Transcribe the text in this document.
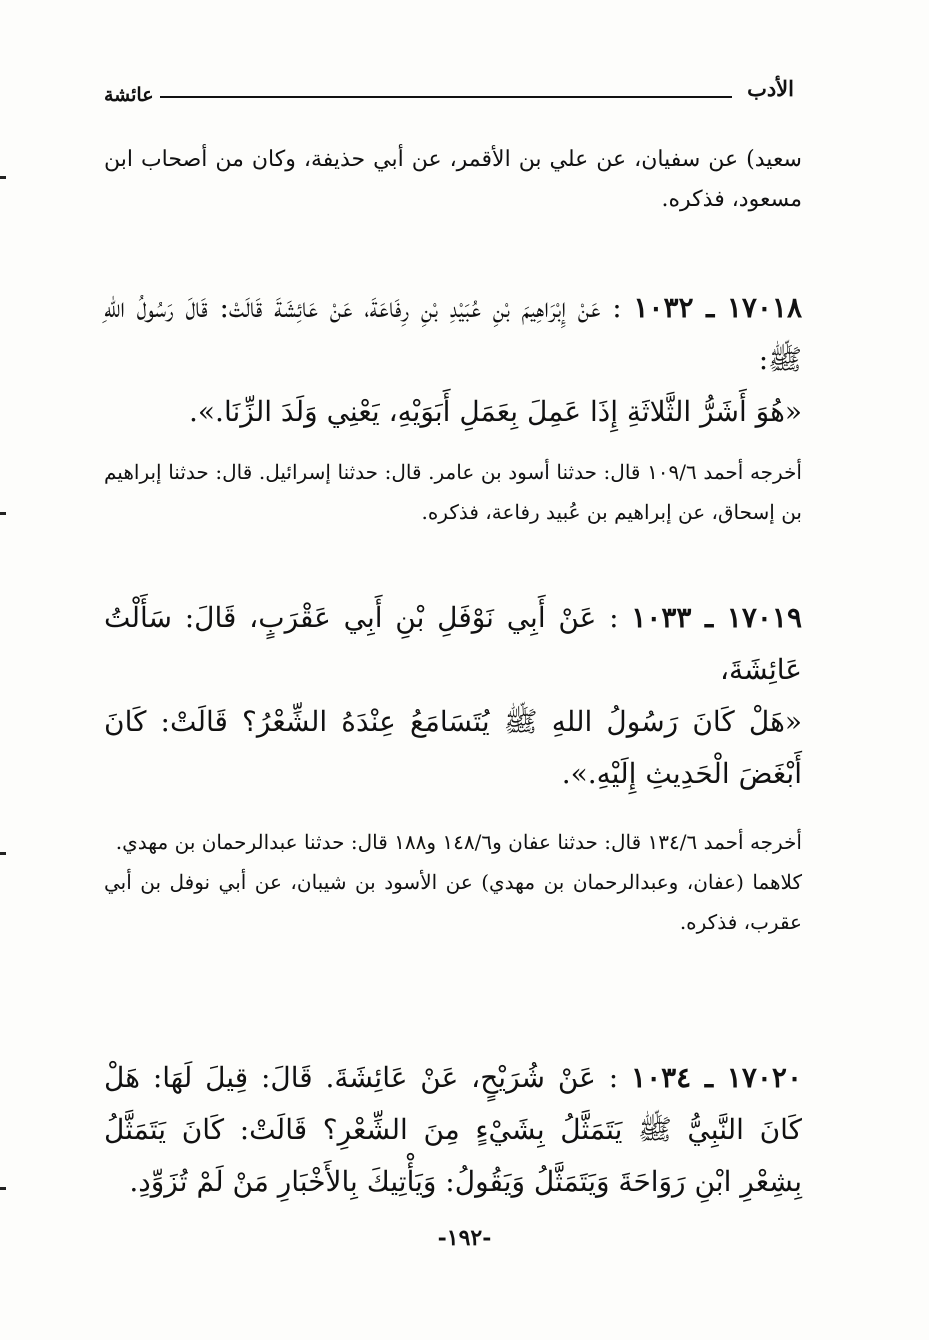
الأدب
عائشة

سعيد) عن سفيان، عن علي بن الأقمر، عن أبي حذيفة، وكان من أصحاب ابن مسعود، فذكره.

١٧٠١٨ ـ ١٠٣٢ : عَنْ إِبْرَاهِيمَ بْنِ عُبَيْدِ بْنِ رِفَاعَةَ، عَنْ عَائِشَةَ قَالَتْ: قَالَ رَسُولُ اللهِ ﷺ:

«هُوَ أَشَرُّ الثَّلاثَةِ إِذَا عَمِلَ بِعَمَلِ أَبَوَيْهِ، يَعْنِي وَلَدَ الزِّنَا.».

أخرجه أحمد ١٠٩/٦ قال: حدثنا أسود بن عامر. قال: حدثنا إسرائيل. قال: حدثنا إبراهيم بن إسحاق، عن إبراهيم بن عُبيد رفاعة، فذكره.

١٧٠١٩ ـ ١٠٣٣ : عَنْ أَبِي نَوْفَلِ بْنِ أَبِي عَقْرَبٍ، قَالَ: سَأَلْتُ عَائِشَةَ،

«هَلْ كَانَ رَسُولُ اللهِ ﷺ يُتَسَامَعُ عِنْدَهُ الشِّعْرُ؟ قَالَتْ: كَانَ أَبْغَضَ الْحَدِيثِ إِلَيْهِ.».

أخرجه أحمد ١٣٤/٦ قال: حدثنا عفان و١٤٨/٦ و١٨٨ قال: حدثنا عبدالرحمان بن مهدي.

كلاهما (عفان، وعبدالرحمان بن مهدي) عن الأسود بن شيبان، عن أبي نوفل بن أبي عقرب، فذكره.

١٧٠٢٠ ـ ١٠٣٤ : عَنْ شُرَيْحٍ، عَنْ عَائِشَةَ. قَالَ: قِيلَ لَهَا: هَلْ كَانَ النَّبِيُّ ﷺ يَتَمَثَّلُ بِشَيْءٍ مِنَ الشِّعْرِ؟ قَالَتْ: كَانَ يَتَمَثَّلُ بِشِعْرِ ابْنِ رَوَاحَةَ وَيَتَمَثَّلُ وَيَقُولُ: وَيَأْتِيكَ بِالأَخْبَارِ مَنْ لَمْ تُزَوِّدِ.

-١٩٢-
